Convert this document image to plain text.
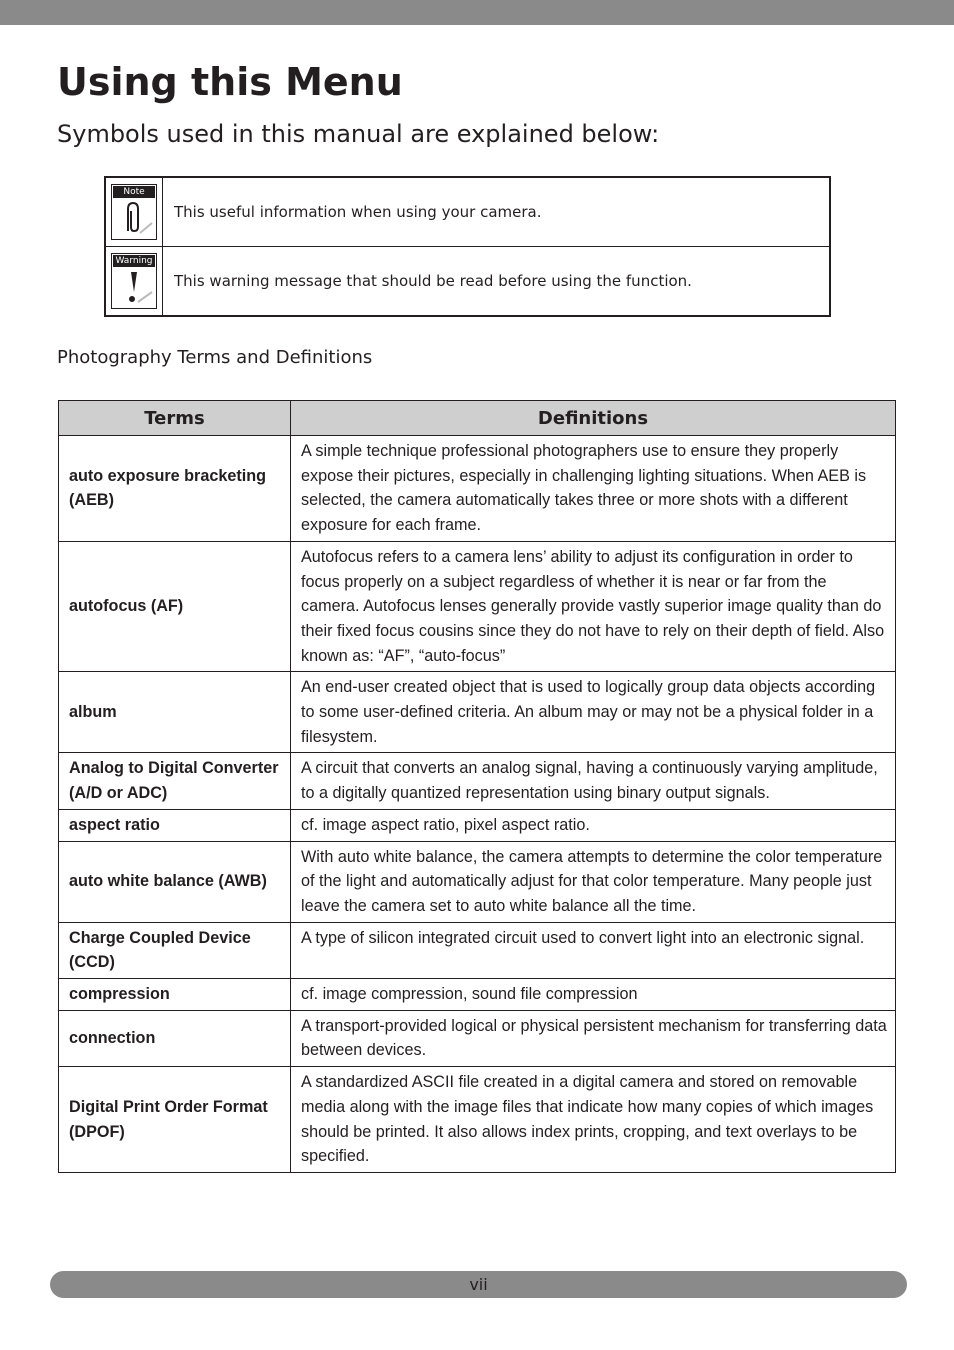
Using this Menu
Symbols used in this manual are explained below:
Note	This useful information when using your camera.

Warning	This warning message that should be read before using the function.
Photography Terms and Definitions
Terms	Definitions
auto exposure bracketing (AEB)	A simple technique professional photographers use to ensure they properly expose their pictures, especially in challenging lighting situations. When AEB is selected, the camera automatically takes three or more shots with a different exposure for each frame.
autofocus (AF)	Autofocus refers to a camera lens’ ability to adjust its configuration in order to focus properly on a subject regardless of whether it is near or far from the camera. Autofocus lenses generally provide vastly superior image quality than do their fixed focus cousins since they do not have to rely on their depth of field. Also known as: “AF”, “auto-focus”
album	An end-user created object that is used to logically group data objects according to some user-defined criteria. An album may or may not be a physical folder in a filesystem.
Analog to Digital Converter (A/D or ADC)	A circuit that converts an analog signal, having a continuously varying amplitude, to a digitally quantized representation using binary output signals.
aspect ratio	cf. image aspect ratio, pixel aspect ratio.
auto white balance (AWB)	With auto white balance, the camera attempts to determine the color temperature of the light and automatically adjust for that color temperature. Many people just leave the camera set to auto white balance all the time.
Charge Coupled Device (CCD)	A type of silicon integrated circuit used to convert light into an electronic signal.
compression	cf. image compression, sound file compression
connection	A transport-provided logical or physical persistent mechanism for transferring data between devices.
Digital Print Order Format (DPOF)	A standardized ASCII file created in a digital camera and stored on removable media along with the image files that indicate how many copies of which images should be printed. It also allows index prints, cropping, and text overlays to be specified.
vii
